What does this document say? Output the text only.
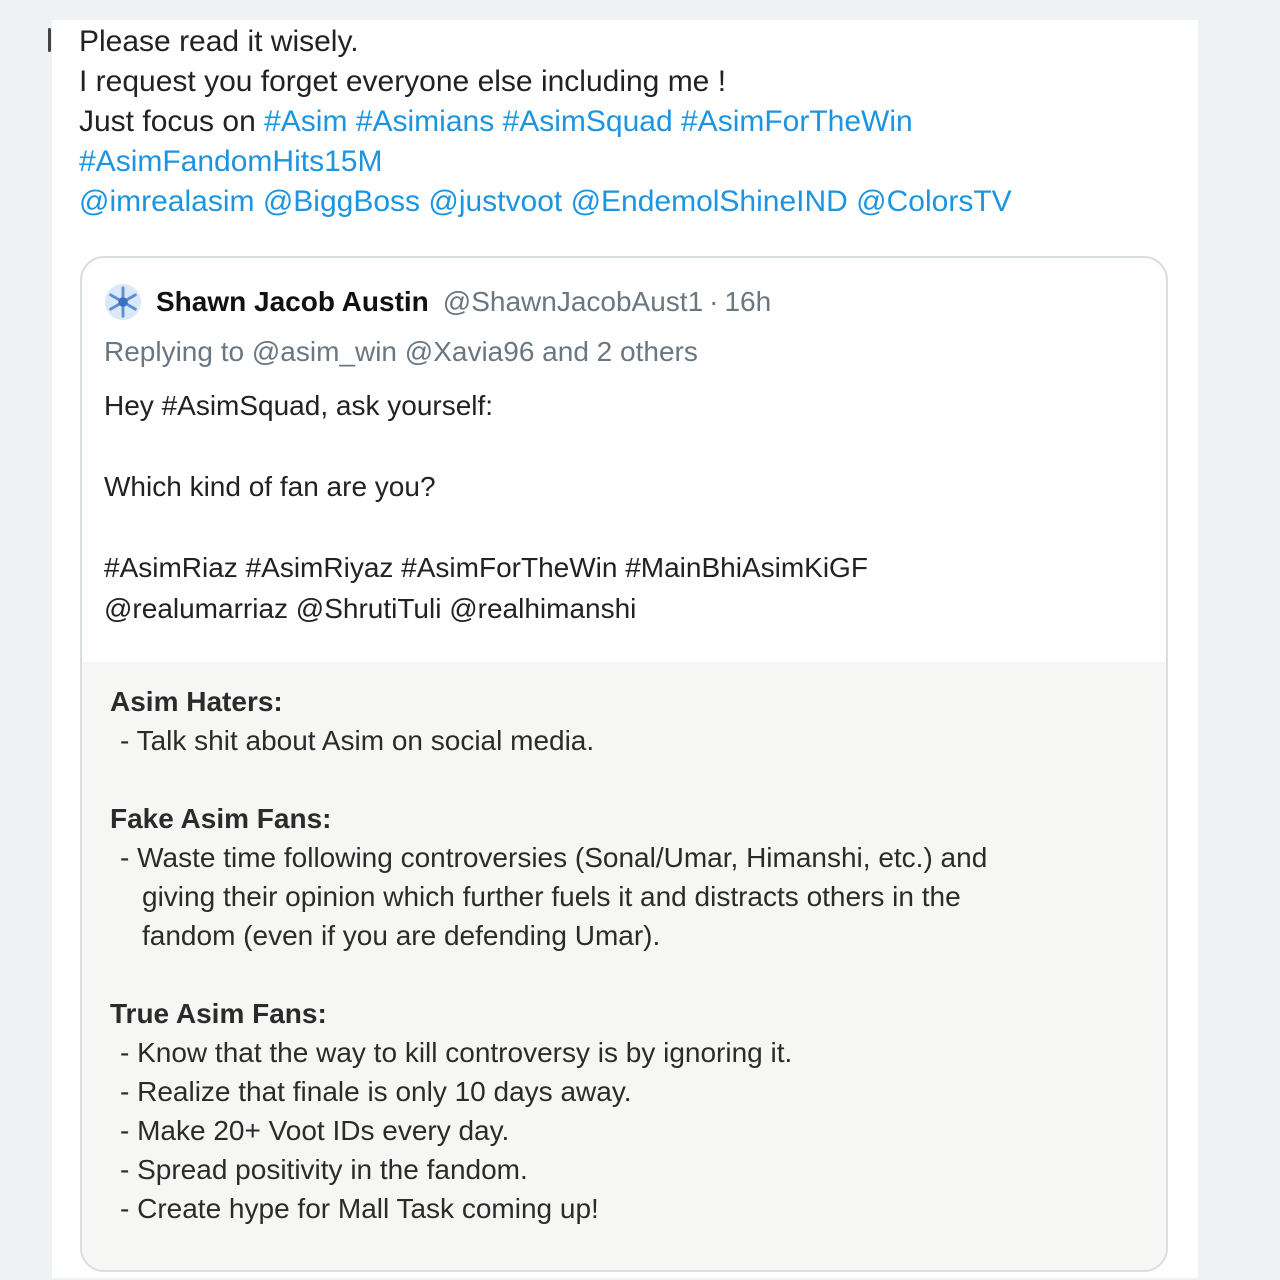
Please read it wisely.
I request you forget everyone else including me !
Just focus on #Asim #Asimians #AsimSquad #AsimForTheWin
#AsimFandomHits15M
@imrealasim @BiggBoss @justvoot @EndemolShineIND @ColorsTV
Shawn Jacob Austin @ShawnJacobAust1 · 16h
Replying to @asim_win @Xavia96 and 2 others
Hey #AsimSquad, ask yourself:
Which kind of fan are you?
#AsimRiaz #AsimRiyaz #AsimForTheWin #MainBhiAsimKiGF
@realumarriaz @ShrutiTuli @realhimanshi
Asim Haters:
- Talk shit about Asim on social media.
Fake Asim Fans:
- Waste time following controversies (Sonal/Umar, Himanshi, etc.) and
giving their opinion which further fuels it and distracts others in the
fandom (even if you are defending Umar).
True Asim Fans:
- Know that the way to kill controversy is by ignoring it.
- Realize that finale is only 10 days away.
- Make 20+ Voot IDs every day.
- Spread positivity in the fandom.
- Create hype for Mall Task coming up!
